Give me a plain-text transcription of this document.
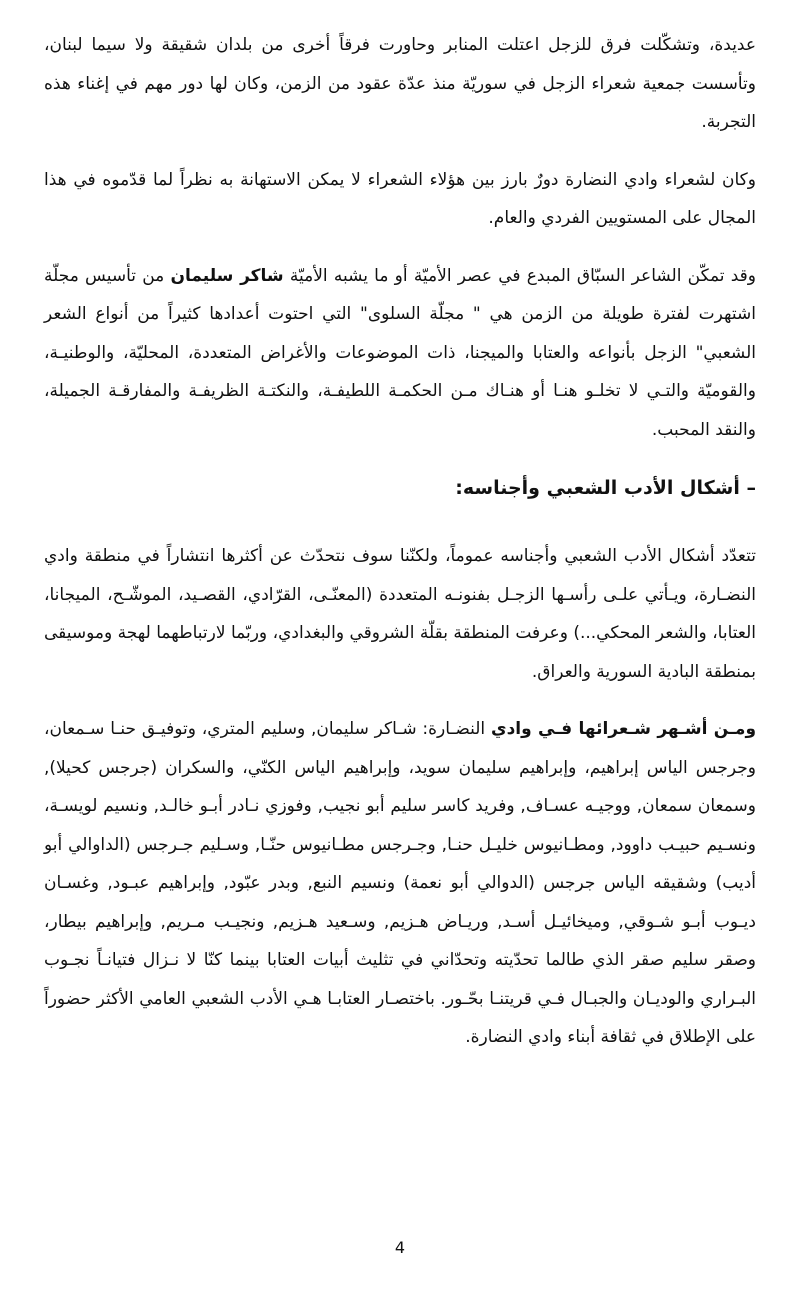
عديدة، وتشكّلت فرق للزجل اعتلت المنابر وحاورت فرقاً أخرى من بلدان شقيقة ولا سيما لبنان، وتأسست جمعية شعراء الزجل في سوريّة منذ عدّة عقود من الزمن، وكان لها دور مهم في إغناء هذه التجربة.

وكان لشعراء وادي النضارة دورٌ بارز بين هؤلاء الشعراء لا يمكن الاستهانة به نظراً لما قدّموه في هذا المجال على المستويين الفردي والعام.

وقد تمكّن الشاعر السبّاق المبدع في عصر الأميّة أو ما يشبه الأميّة شاكر سليمان من تأسيس مجلّة اشتهرت لفترة طويلة من الزمن هي " مجلّة السلوى" التي احتوت أعدادها كثيراً من أنواع الشعر الشعبي" الزجل بأنواعه والعتابا والميجنا، ذات الموضوعات والأغراض المتعددة، المحليّة، والوطنيـة، والقوميّة والتـي لا تخلـو هنـا أو هنـاك مـن الحكمـة اللطيفـة، والنكتـة الظريفـة والمفارقـة الجميلة، والنقد المحبب.

– أشكال الأدب الشعبي وأجناسه:

تتعدّد أشكال الأدب الشعبي وأجناسه عموماً، ولكنّنا سوف نتحدّث عن أكثرها انتشاراً في منطقة وادي النضـارة، ويـأتي علـى رأسـها الزجـل بفنونـه المتعددة (المعنّـى، القرّادي، القصـيد، الموشّـح، الميجانا، العتابا، والشعر المحكي...) وعرفت المنطقة بقلّة الشروقي والبغدادي، وربّما لارتباطهما لهجة وموسيقى بمنطقة البادية السورية والعراق.

ومـن أشـهر شـعرائها فـي وادي النضـارة: شـاكر سليمان, وسليم المتري، وتوفيـق حنـا سـمعان، وجرجس الياس إبراهيم، وإبراهيم سليمان سويد، وإبراهيم الياس الكنّي، والسكران (جرجس كحيلا), وسمعان سمعان, ووجيـه عسـاف, وفريد كاسر سليم أبو نجيب, وفوزي نـادر أبـو خالـد, ونسيم لويسـة، ونسـيم حبيـب داوود, ومطـانيوس خليـل حنـا, وجـرجس مطـانيوس حنّـا, وسـليم جـرجس (الداوالي أبو أديب) وشقيقه الياس جرجس (الدوالي أبو نعمة) ونسيم النبع, وبدر عبّود, وإبراهيم عبـود, وغسـان ديـوب أبـو شـوقي, وميخائيـل أسـد, وريـاض هـزيم, وسـعيد هـزيم, ونجيـب مـريم, وإبراهيم بيطار، وصقر سليم صقر الذي طالما تحدّيته وتحدّاني في تثليث أبيات العتابا بينما كنّا لا نـزال فتيانـاً نجـوب البـراري والوديـان والجبـال فـي قريتنـا بحّـور. باختصـار العتابـا هـي الأدب الشعبي العامي الأكثر حضوراً على الإطلاق في ثقافة أبناء وادي النضارة.

4
